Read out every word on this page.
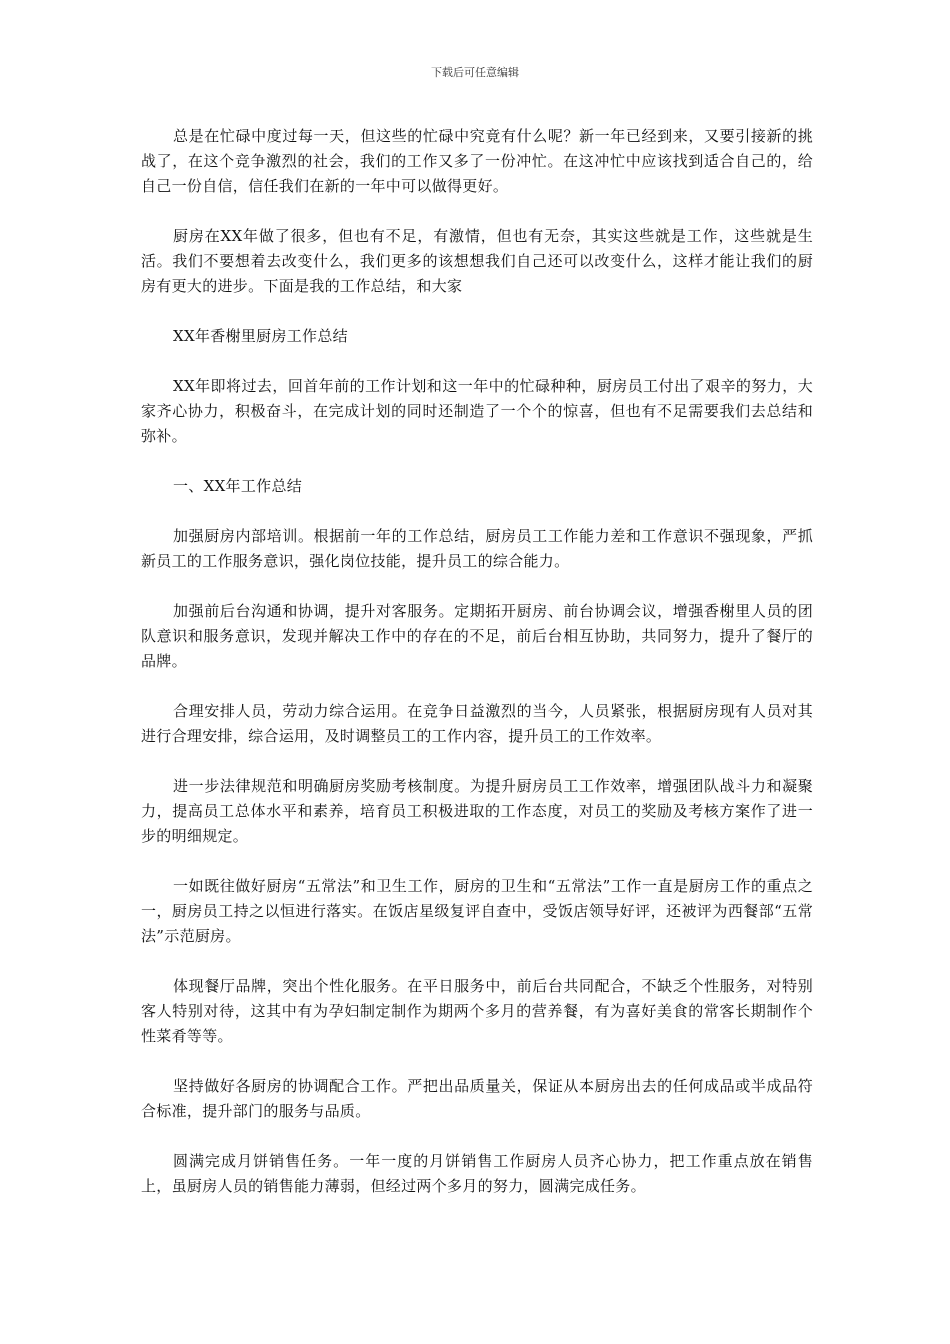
下载后可任意编辑

总是在忙碌中度过每一天，但这些的忙碌中究竟有什么呢？新一年已经到来，又要引接新的挑战了，在这个竞争激烈的社会，我们的工作又多了一份冲忙。在这冲忙中应该找到适合自己的，给自己一份自信，信任我们在新的一年中可以做得更好。

厨房在XX年做了很多，但也有不足，有激情，但也有无奈，其实这些就是工作，这些就是生活。我们不要想着去改变什么，我们更多的该想想我们自己还可以改变什么，这样才能让我们的厨房有更大的进步。下面是我的工作总结，和大家

XX年香榭里厨房工作总结

XX年即将过去，回首年前的工作计划和这一年中的忙碌种种，厨房员工付出了艰辛的努力，大家齐心协力，积极奋斗，在完成计划的同时还制造了一个个的惊喜，但也有不足需要我们去总结和弥补。

一、XX年工作总结

加强厨房内部培训。根据前一年的工作总结，厨房员工工作能力差和工作意识不强现象，严抓新员工的工作服务意识，强化岗位技能，提升员工的综合能力。

加强前后台沟通和协调，提升对客服务。定期拓开厨房、前台协调会议，增强香榭里人员的团队意识和服务意识，发现并解决工作中的存在的不足，前后台相互协助，共同努力，提升了餐厅的品牌。

合理安排人员，劳动力综合运用。在竞争日益激烈的当今，人员紧张，根据厨房现有人员对其进行合理安排，综合运用，及时调整员工的工作内容，提升员工的工作效率。

进一步法律规范和明确厨房奖励考核制度。为提升厨房员工工作效率，增强团队战斗力和凝聚力，提高员工总体水平和素养，培育员工积极进取的工作态度，对员工的奖励及考核方案作了进一步的明细规定。

一如既往做好厨房“五常法”和卫生工作，厨房的卫生和“五常法”工作一直是厨房工作的重点之一，厨房员工持之以恒进行落实。在饭店星级复评自查中，受饭店领导好评，还被评为西餐部“五常法”示范厨房。

体现餐厅品牌，突出个性化服务。在平日服务中，前后台共同配合，不缺乏个性服务，对特别客人特别对待，这其中有为孕妇制定制作为期两个多月的营养餐，有为喜好美食的常客长期制作个性菜肴等等。

坚持做好各厨房的协调配合工作。严把出品质量关，保证从本厨房出去的任何成品或半成品符合标准，提升部门的服务与品质。

圆满完成月饼销售任务。一年一度的月饼销售工作厨房人员齐心协力，把工作重点放在销售上，虽厨房人员的销售能力薄弱，但经过两个多月的努力，圆满完成任务。
